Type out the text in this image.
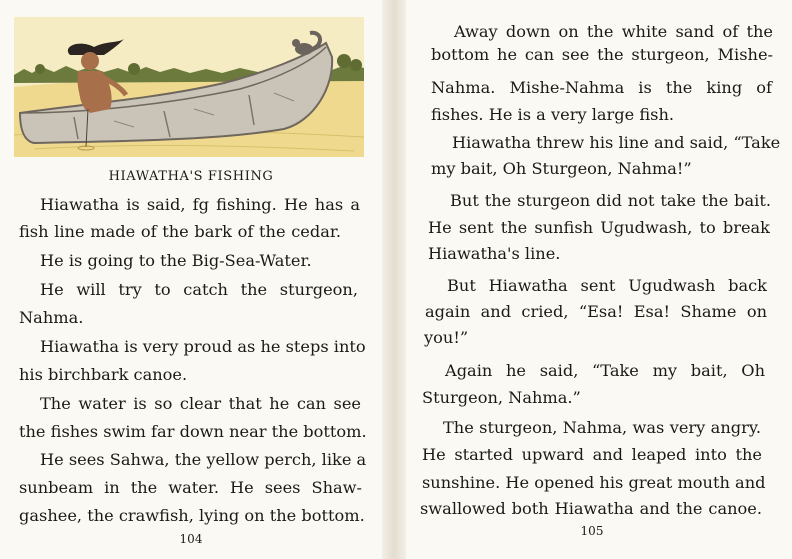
HIAWATHA'S FISHING

Hiawatha is said, fg fishing. He has a

fish line made of the bark of the cedar.

He is going to the Big-Sea-Water.

He will try to catch the sturgeon,

Nahma.

Hiawatha is very proud as he steps into

his birchbark canoe.

The water is so clear that he can see

the fishes swim far down near the bottom.

He sees Sahwa, the yellow perch, like a

sunbeam in the water. He sees Shaw-

gashee, the crawfish, lying on the bottom.

104

Away down on the white sand of the

bottom he can see the sturgeon, Mishe-

Nahma. Mishe-Nahma is the king of

fishes. He is a very large fish.

Hiawatha threw his line and said, “Take

my bait, Oh Sturgeon, Nahma!”

But the sturgeon did not take the bait.

He sent the sunfish Ugudwash, to break

Hiawatha's line.

But Hiawatha sent Ugudwash back

again and cried, “Esa! Esa! Shame on

you!”

Again he said, “Take my bait, Oh

Sturgeon, Nahma.”

The sturgeon, Nahma, was very angry.

He started upward and leaped into the

sunshine. He opened his great mouth and

swallowed both Hiawatha and the canoe.

105
